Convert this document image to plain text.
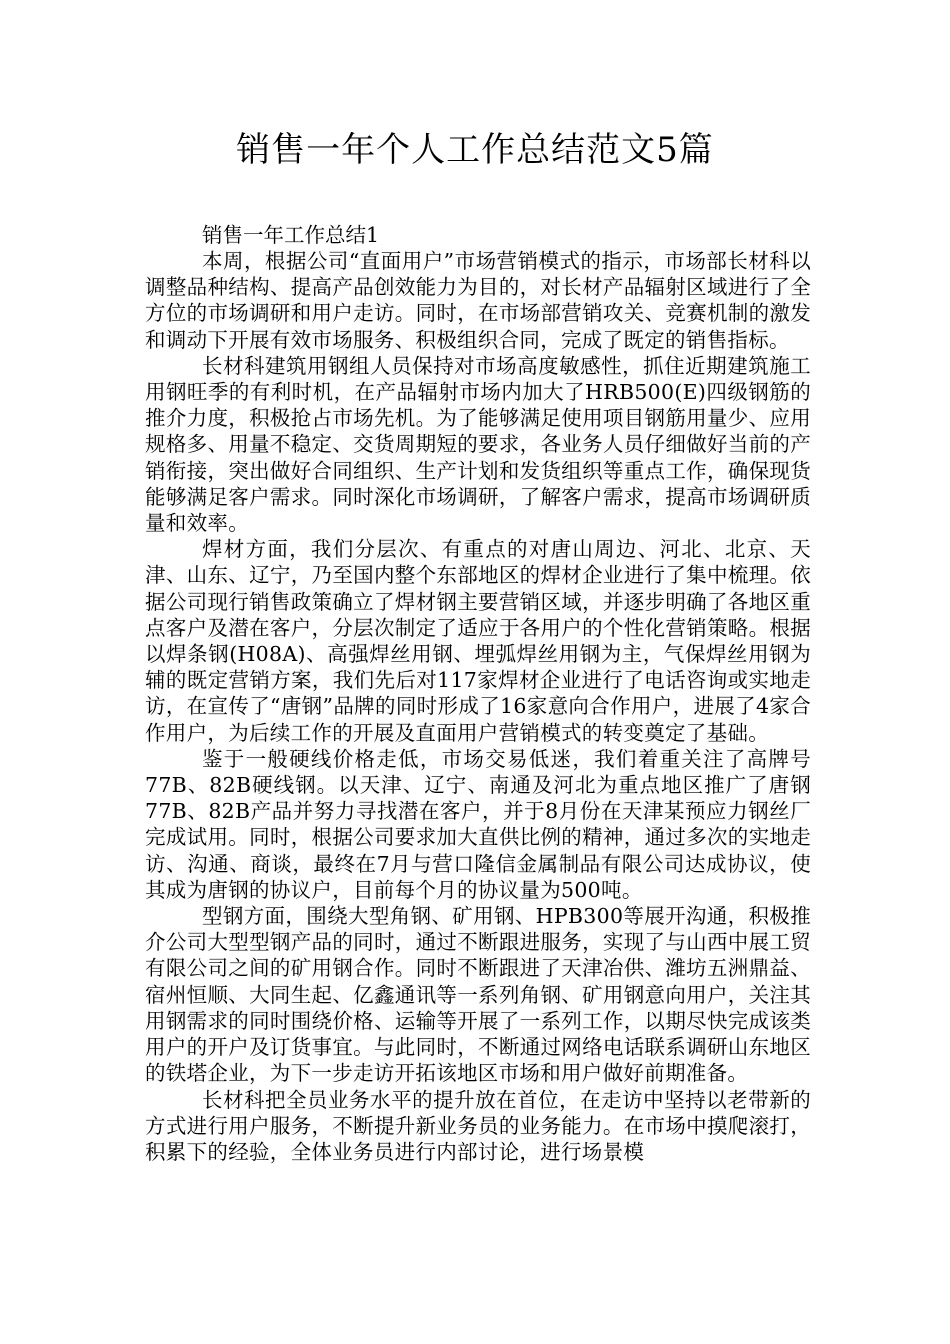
销售一年个人工作总结范文5篇

销售一年工作总结1

本周，根据公司“直面用户”市场营销模式的指示，市场部长材科以调整品种结构、提高产品创效能力为目的，对长材产品辐射区域进行了全方位的市场调研和用户走访。同时，在市场部营销攻关、竞赛机制的激发和调动下开展有效市场服务、积极组织合同，完成了既定的销售指标。

长材科建筑用钢组人员保持对市场高度敏感性，抓住近期建筑施工用钢旺季的有利时机，在产品辐射市场内加大了HRB500(E)四级钢筋的推介力度，积极抢占市场先机。为了能够满足使用项目钢筋用量少、应用规格多、用量不稳定、交货周期短的要求，各业务人员仔细做好当前的产销衔接，突出做好合同组织、生产计划和发货组织等重点工作，确保现货能够满足客户需求。同时深化市场调研，了解客户需求，提高市场调研质量和效率。

焊材方面，我们分层次、有重点的对唐山周边、河北、北京、天津、山东、辽宁，乃至国内整个东部地区的焊材企业进行了集中梳理。依据公司现行销售政策确立了焊材钢主要营销区域，并逐步明确了各地区重点客户及潜在客户，分层次制定了适应于各用户的个性化营销策略。根据以焊条钢(H08A)、高强焊丝用钢、埋弧焊丝用钢为主，气保焊丝用钢为辅的既定营销方案，我们先后对117家焊材企业进行了电话咨询或实地走访，在宣传了“唐钢”品牌的同时形成了16家意向合作用户，进展了4家合作用户，为后续工作的开展及直面用户营销模式的转变奠定了基础。

鉴于一般硬线价格走低，市场交易低迷，我们着重关注了高牌号77B、82B硬线钢。以天津、辽宁、南通及河北为重点地区推广了唐钢77B、82B产品并努力寻找潜在客户，并于8月份在天津某预应力钢丝厂完成试用。同时，根据公司要求加大直供比例的精神，通过多次的实地走访、沟通、商谈，最终在7月与营口隆信金属制品有限公司达成协议，使其成为唐钢的协议户，目前每个月的协议量为500吨。

型钢方面，围绕大型角钢、矿用钢、HPB300等展开沟通，积极推介公司大型型钢产品的同时，通过不断跟进服务，实现了与山西中展工贸有限公司之间的矿用钢合作。同时不断跟进了天津冶供、潍坊五洲鼎益、宿州恒顺、大同生起、亿鑫通讯等一系列角钢、矿用钢意向用户，关注其用钢需求的同时围绕价格、运输等开展了一系列工作，以期尽快完成该类用户的开户及订货事宜。与此同时，不断通过网络电话联系调研山东地区的铁塔企业，为下一步走访开拓该地区市场和用户做好前期准备。

长材科把全员业务水平的提升放在首位，在走访中坚持以老带新的方式进行用户服务，不断提升新业务员的业务能力。在市场中摸爬滚打，积累下的经验，全体业务员进行内部讨论，进行场景模
